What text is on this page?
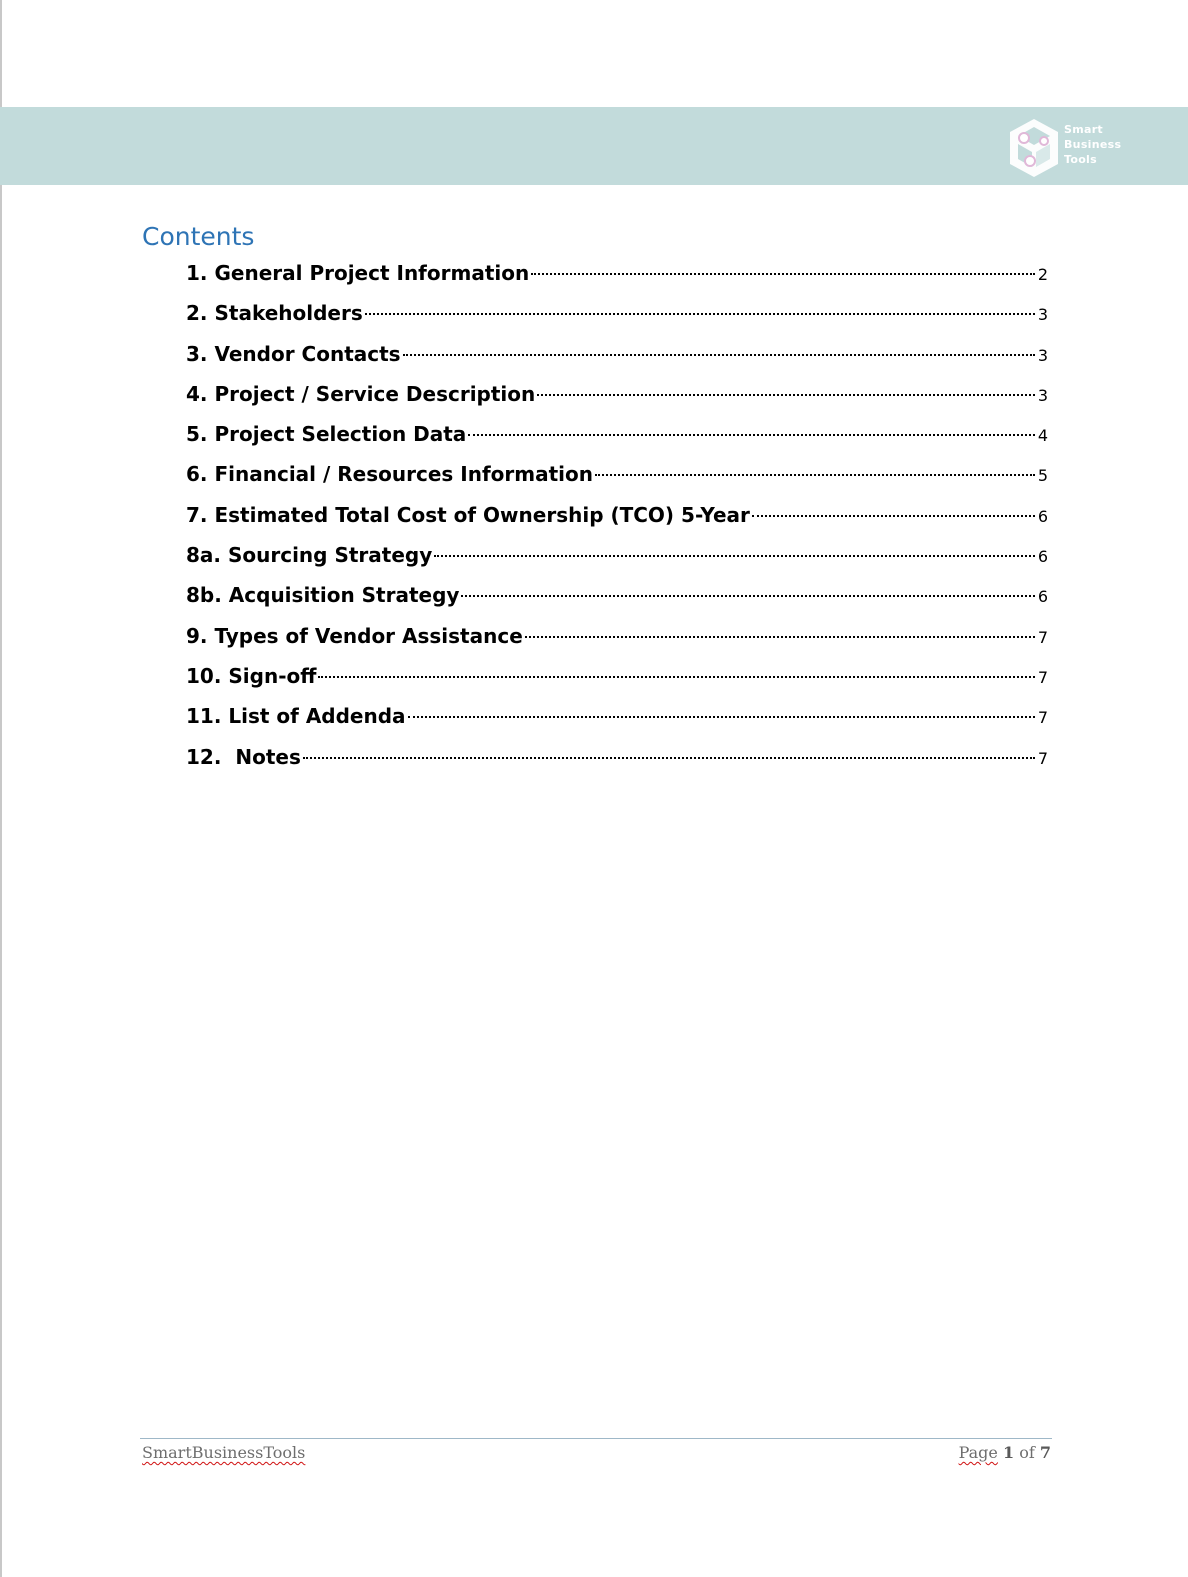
Smart
Business
Tools
Contents
1. General Project Information	2
2. Stakeholders	3
3. Vendor Contacts	3
4. Project / Service Description	3
5. Project Selection Data	4
6. Financial / Resources Information	5
7. Estimated Total Cost of Ownership (TCO) 5-Year	6
8a. Sourcing Strategy	6
8b. Acquisition Strategy	6
9. Types of Vendor Assistance	7
10. Sign-off	7
11. List of Addenda	7
12.  Notes	7
SmartBusinessTools	Page 1 of 7
